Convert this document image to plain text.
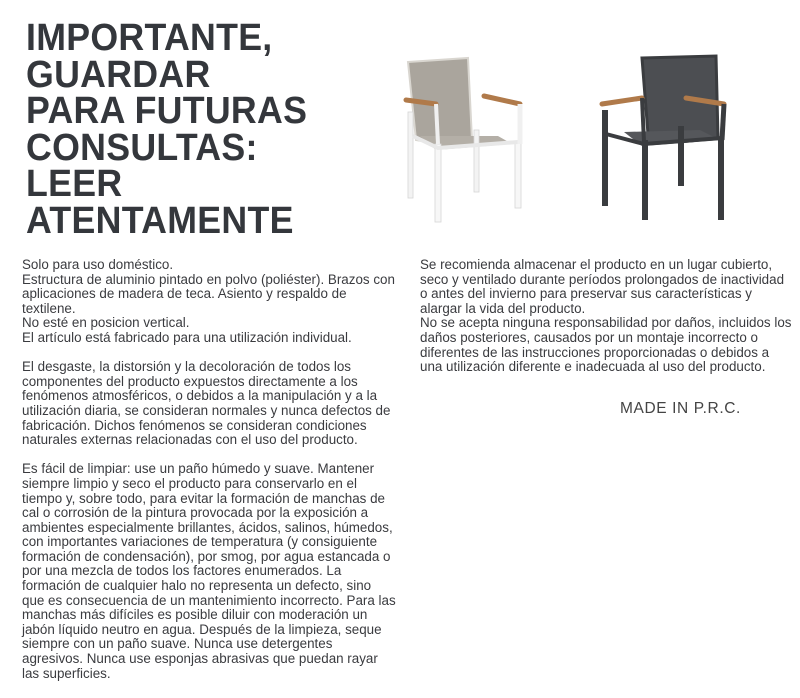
IMPORTANTE,
GUARDAR
PARA FUTURAS
CONSULTAS:
LEER
ATENTAMENTE

Solo para uso doméstico.

Estructura de aluminio pintado en polvo (poliéster). Brazos con aplicaciones de madera de teca. Asiento y respaldo de textilene.

No esté en posicion vertical.

El artículo está fabricado para una utilización individual.

El desgaste, la distorsión y la decoloración de todos los componentes del producto expuestos directamente a los fenómenos atmosféricos, o debidos a la manipulación y a la utilización diaria, se consideran normales y nunca defectos de fabricación. Dichos fenómenos se consideran condiciones naturales externas relacionadas con el uso del producto.

Es fácil de limpiar: use un paño húmedo y suave. Mantener siempre limpio y seco el producto para conservarlo en el tiempo y, sobre todo, para evitar la formación de manchas de cal o corrosión de la pintura provocada por la exposición a ambientes especialmente brillantes, ácidos, salinos, húmedos, con importantes variaciones de temperatura (y consiguiente formación de condensación), por smog, por agua estancada o por una mezcla de todos los factores enumerados. La formación de cualquier halo no representa un defecto, sino que es consecuencia de un mantenimiento incorrecto. Para las manchas más difíciles es posible diluir con moderación un jabón líquido neutro en agua. Después de la limpieza, seque siempre con un paño suave. Nunca use detergentes agresivos. Nunca use esponjas abrasivas que puedan rayar las superficies.

Se recomienda almacenar el producto en un lugar cubierto, seco y ventilado durante períodos prolongados de inactividad o antes del invierno para preservar sus características y alargar la vida del producto.

No se acepta ninguna responsabilidad por daños, incluidos los daños posteriores, causados por un montaje incorrecto o diferentes de las instrucciones proporcionadas o debidos a una utilización diferente e inadecuada al uso del producto.

MADE IN P.R.C.
